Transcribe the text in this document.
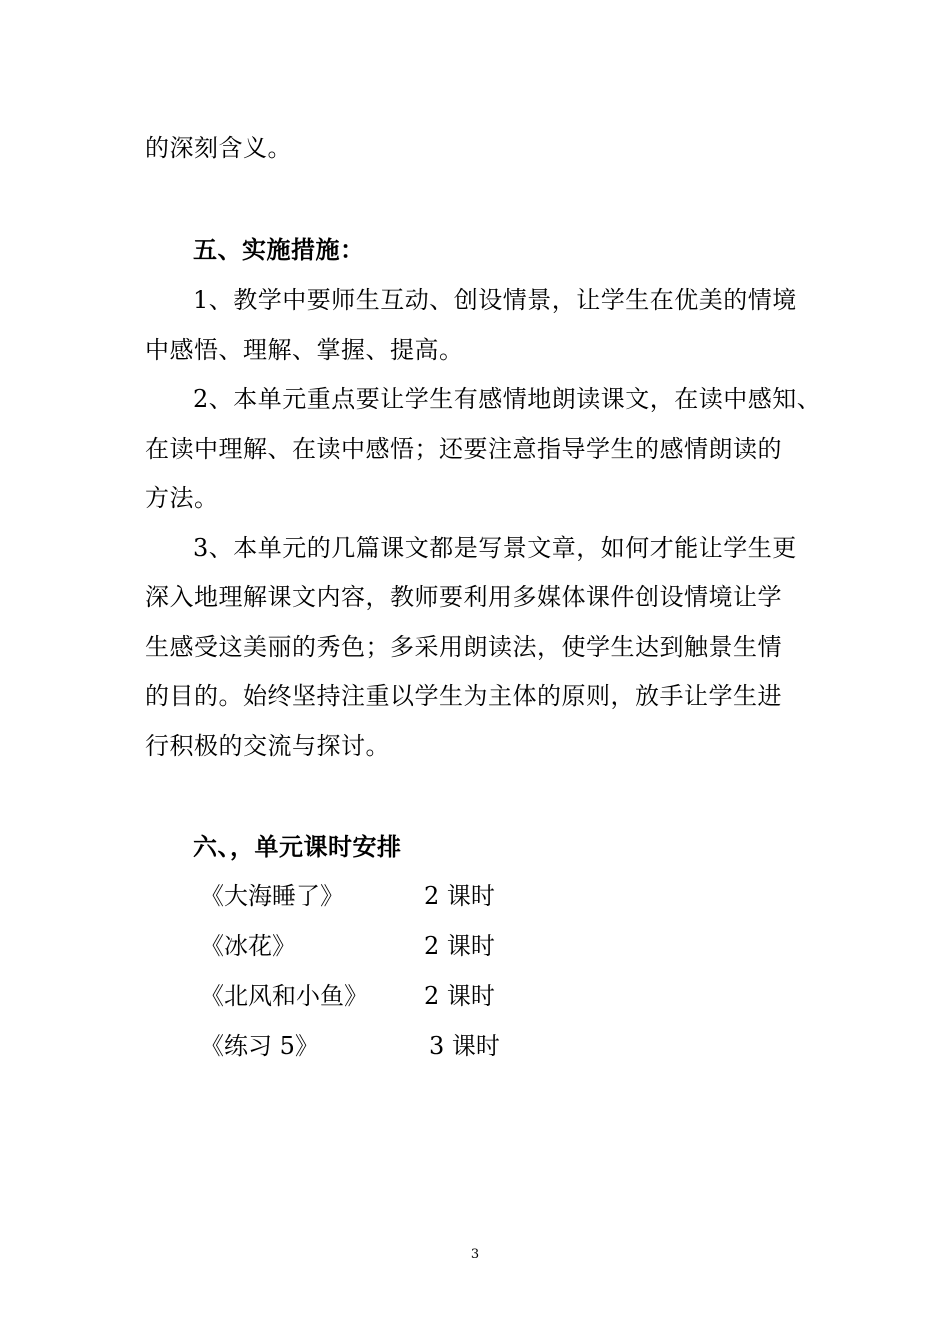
的深刻含义。
五、实施措施：
1、教学中要师生互动、创设情景，让学生在优美的情境
中感悟、理解、掌握、提高。
2、本单元重点要让学生有感情地朗读课文，在读中感知、
在读中理解、在读中感悟；还要注意指导学生的感情朗读的
方法。
3、本单元的几篇课文都是写景文章，如何才能让学生更
深入地理解课文内容，教师要利用多媒体课件创设情境让学
生感受这美丽的秀色；多采用朗读法，使学生达到触景生情
的目的。始终坚持注重以学生为主体的原则，放手让学生进
行积极的交流与探讨。
六、，单元课时安排
《大海睡了》	2 课时
《冰花》	2 课时
《北风和小鱼》 2 课时
《练习 5》	3 课时
3
